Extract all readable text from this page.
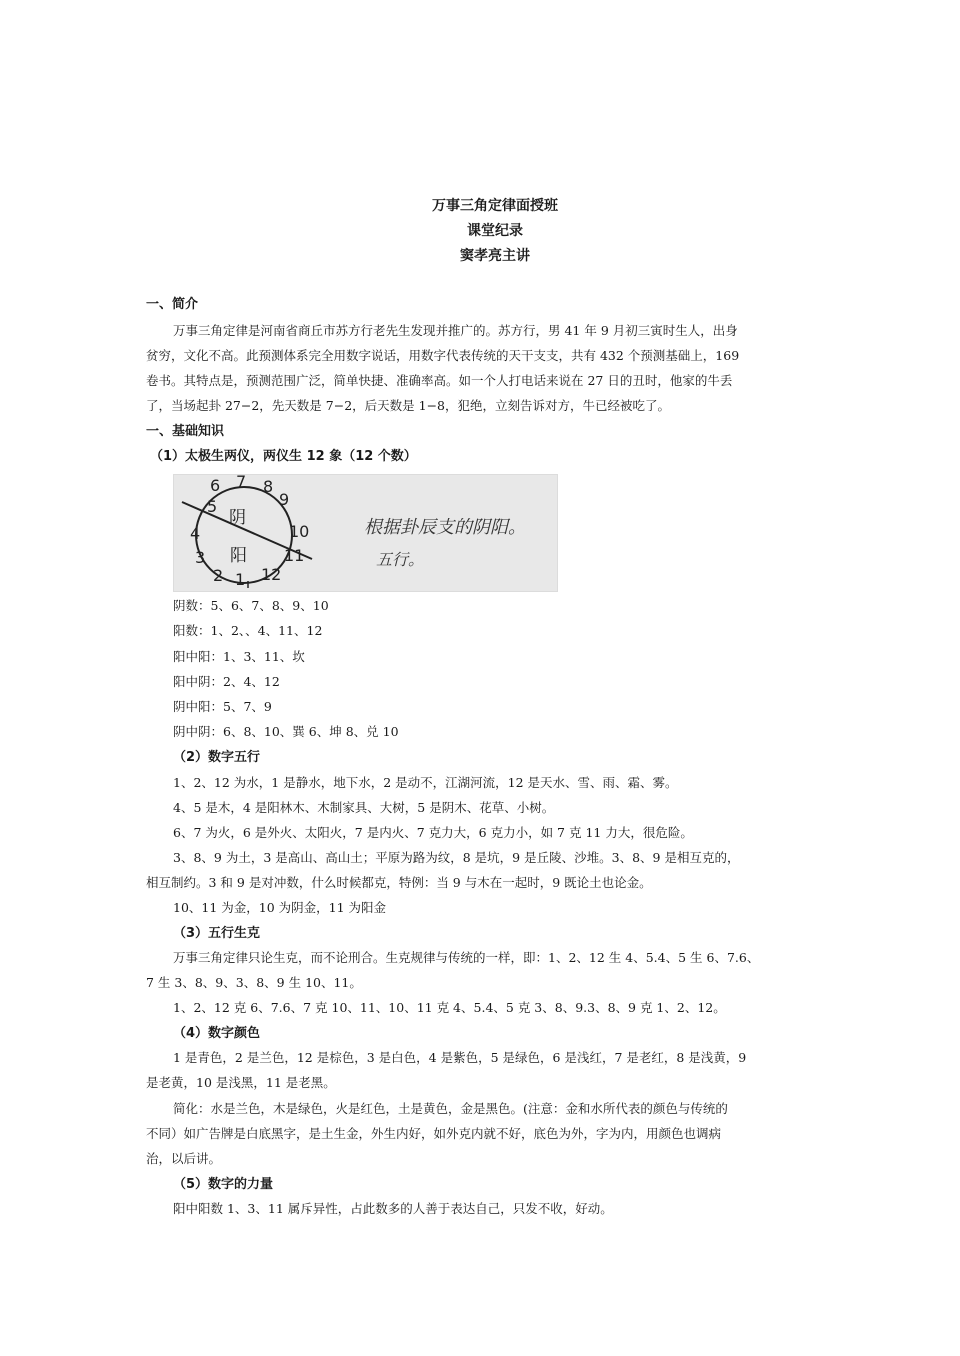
万事三角定律面授班
课堂纪录
窦孝亮主讲
一、简介
万事三角定律是河南省商丘市苏方行老先生发现并推广的。苏方行，男 41 年 9 月初三寅时生人，出身
贫穷，文化不高。此预测体系完全用数字说话，用数字代表传统的天干支支，共有 432 个预测基础上，169
卷书。其特点是，预测范围广泛，简单快捷、准确率高。如一个人打电话来说在 27 日的丑时，他家的牛丢
了，当场起卦 27−2，先天数是 7−2，后天数是 1−8，犯绝，立刻告诉对方，牛已经被吃了。
一、基础知识
（1）太极生两仪，两仪生 12 象（12 个数）
6 7 8
9
5
10
4
3	11
2 1 12
阴
阳
根据卦辰支的阴阳。
五行。
阴数：5、6、7、8、9、10
阳数：1、2、、4、11、12
阳中阳：1、3、11、坎
阳中阴：2、4、12
阴中阳：5、7、9
阴中阴：6、8、10、巽 6、坤 8、兑 10
（2）数字五行
1、2、12 为水，1 是静水，地下水，2 是动不，江湖河流，12 是天水、雪、雨、霜、雾。
4、5 是木，4 是阳林木、木制家具、大树，5 是阴木、花草、小树。
6、7 为火，6 是外火、太阳火，7 是内火、7 克力大，6 克力小，如 7 克 11 力大，很危险。
3、8、9 为土，3 是高山、高山土；平原为路为纹，8 是坑，9 是丘陵、沙堆。3、8、9 是相互克的，
相互制约。3 和 9 是对冲数，什么时候都克，特例：当 9 与木在一起时，9 既论土也论金。
10、11 为金，10 为阴金，11 为阳金
（3）五行生克
万事三角定律只论生克，而不论刑合。生克规律与传统的一样，即：1、2、12 生 4、5.4、5 生 6、7.6、
7 生 3、8、9、3、8、9 生 10、11。
1、2、12 克 6、7.6、7 克 10、11、10、11 克 4、5.4、5 克 3、8、9.3、8、9 克 1、2、12。
（4）数字颜色
1 是青色，2 是兰色，12 是棕色，3 是白色，4 是紫色，5 是绿色，6 是浅红，7 是老红，8 是浅黄，9
是老黄，10 是浅黑，11 是老黑。
简化：水是兰色，木是绿色，火是红色，土是黄色，金是黑色。(注意：金和水所代表的颜色与传统的
不同）如广告牌是白底黑字，是土生金，外生内好，如外克内就不好，底色为外，字为内，用颜色也调病
治，以后讲。
（5）数字的力量
阳中阳数 1、3、11 属斥异性，占此数多的人善于表达自己，只发不收，好动。
